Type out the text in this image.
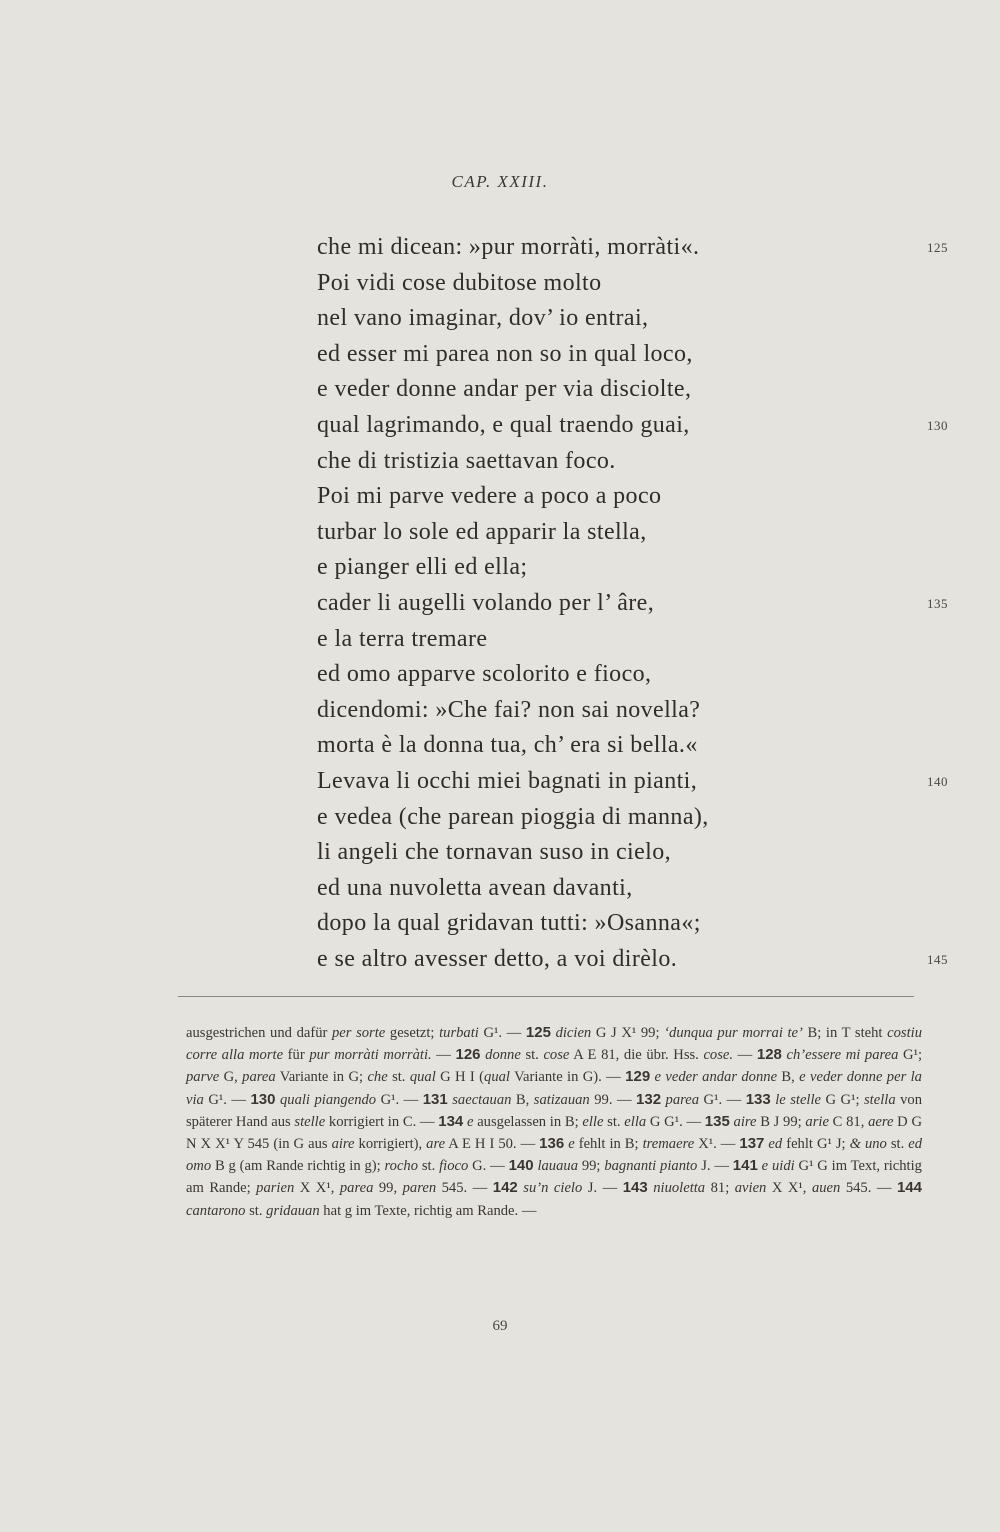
CAP. XXIII.
che mi dicean: »pur morràti, morràti«.	125
Poi vidi cose dubitose molto
nel vano imaginar, dov’ io entrai,
ed esser mi parea non so in qual loco,
e veder donne andar per via disciolte,
qual lagrimando, e qual traendo guai,	130
che di tristizia saettavan foco.
Poi mi parve vedere a poco a poco
turbar lo sole ed apparir la stella,
e pianger elli ed ella;
cader li augelli volando per l’ âre,	135
e la terra tremare
ed omo apparve scolorito e fioco,
dicendomi: »Che fai? non sai novella?
morta è la donna tua, ch’ era si bella.«
Levava li occhi miei bagnati in pianti,	140
e vedea (che parean pioggia di manna),
li angeli che tornavan suso in cielo,
ed una nuvoletta avean davanti,
dopo la qual gridavan tutti: »Osanna«;
e se altro avesser detto, a voi dirèlo.	145

ausgestrichen und dafür per sorte gesetzt; turbati G¹. — 125 dicien G J X¹ 99; ‘dunqua pur morrai te’ B; in T steht costiu corre alla morte für pur morràti morràti. — 126 donne st. cose A E 81, die übr. Hss. cose. — 128 ch’essere mi parea G¹; parve G, parea Variante in G; che st. qual G H I (qual Variante in G). — 129 e veder andar donne B, e veder donne per la via G¹. — 130 quali piangendo G¹. — 131 saectauan B, satizauan 99. — 132 parea G¹. — 133 le stelle G G¹; stella von späterer Hand aus stelle korrigiert in C. — 134 e ausgelassen in B; elle st. ella G G¹. — 135 aire B J 99; arie C 81, aere D G N X X¹ Y 545 (in G aus aire korrigiert), are A E H I 50. — 136 e fehlt in B; tremaere X¹. — 137 ed fehlt G¹ J; & uno st. ed omo B g (am Rande richtig in g); rocho st. fioco G. — 140 lauaua 99; bagnanti pianto J. — 141 e uidi G¹ G im Text, richtig am Rande; parien X X¹, parea 99, paren 545. — 142 su’n cielo J. — 143 niuoletta 81; avien X X¹, auen 545. — 144 cantarono st. gridauan hat g im Texte, richtig am Rande. —

69
